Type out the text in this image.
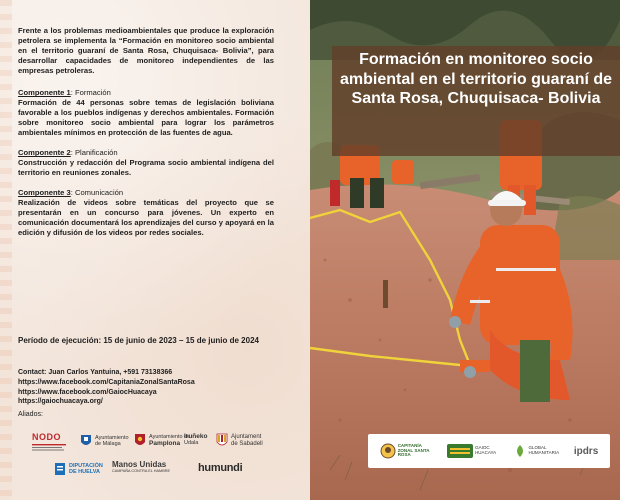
Frente a los problemas medioambientales que produce la exploración petrolera se implementa la “Formación en monitoreo socio ambiental en el territorio guaraní de Santa Rosa, Chuquisaca- Bolivia”, para desarrollar capacidades de monitoreo independientes de las empresas petroleras.

Componente 1: Formación

Formación de 44 personas sobre temas de legislación boliviana favorable a los pueblos indígenas y derechos ambientales. Formación sobre monitoreo socio ambiental para lograr los parámetros ambientales mínimos en protección de las fuentes de agua.

Componente 2: Planificación

Construcción y redacción del Programa socio ambiental indígena del territorio en reuniones zonales.

Componente 3: Comunicación

Realización de videos sobre temáticas del proyecto que se presentarán en un concurso para jóvenes. Un experto en comunicación documentará los aprendizajes del curso y apoyará en la edición y difusión de los videos por redes sociales.

Período de ejecución: 15 de junio de 2023 – 15 de junio de 2024

Contact: Juan Carlos Yantuina, +591 73138366
https://www.facebook.com/CapitaniaZonalSantaRosa
https://www.facebook.com/GaiocHuacaya
https://gaiochuacaya.org/
Aliados:
NODO	Ayuntamiento de Málaga
Ayuntamiento de
Pamplona
Iruñeko
Udala
Ajuntament
de Sabadell
DIPUTACIÓN
DE HUELVA
Manos Unidas
CAMPAÑA CONTRA EL HAMBRE	humundi
Formación en monitoreo socio ambiental en el territorio guaraní de Santa Rosa, Chuquisaca- Bolivia
CAPITANÍA ZONAL SANTA ROSA
GAIOC HUACAYA
GLOBAL HUMANITARIA ipdrs
